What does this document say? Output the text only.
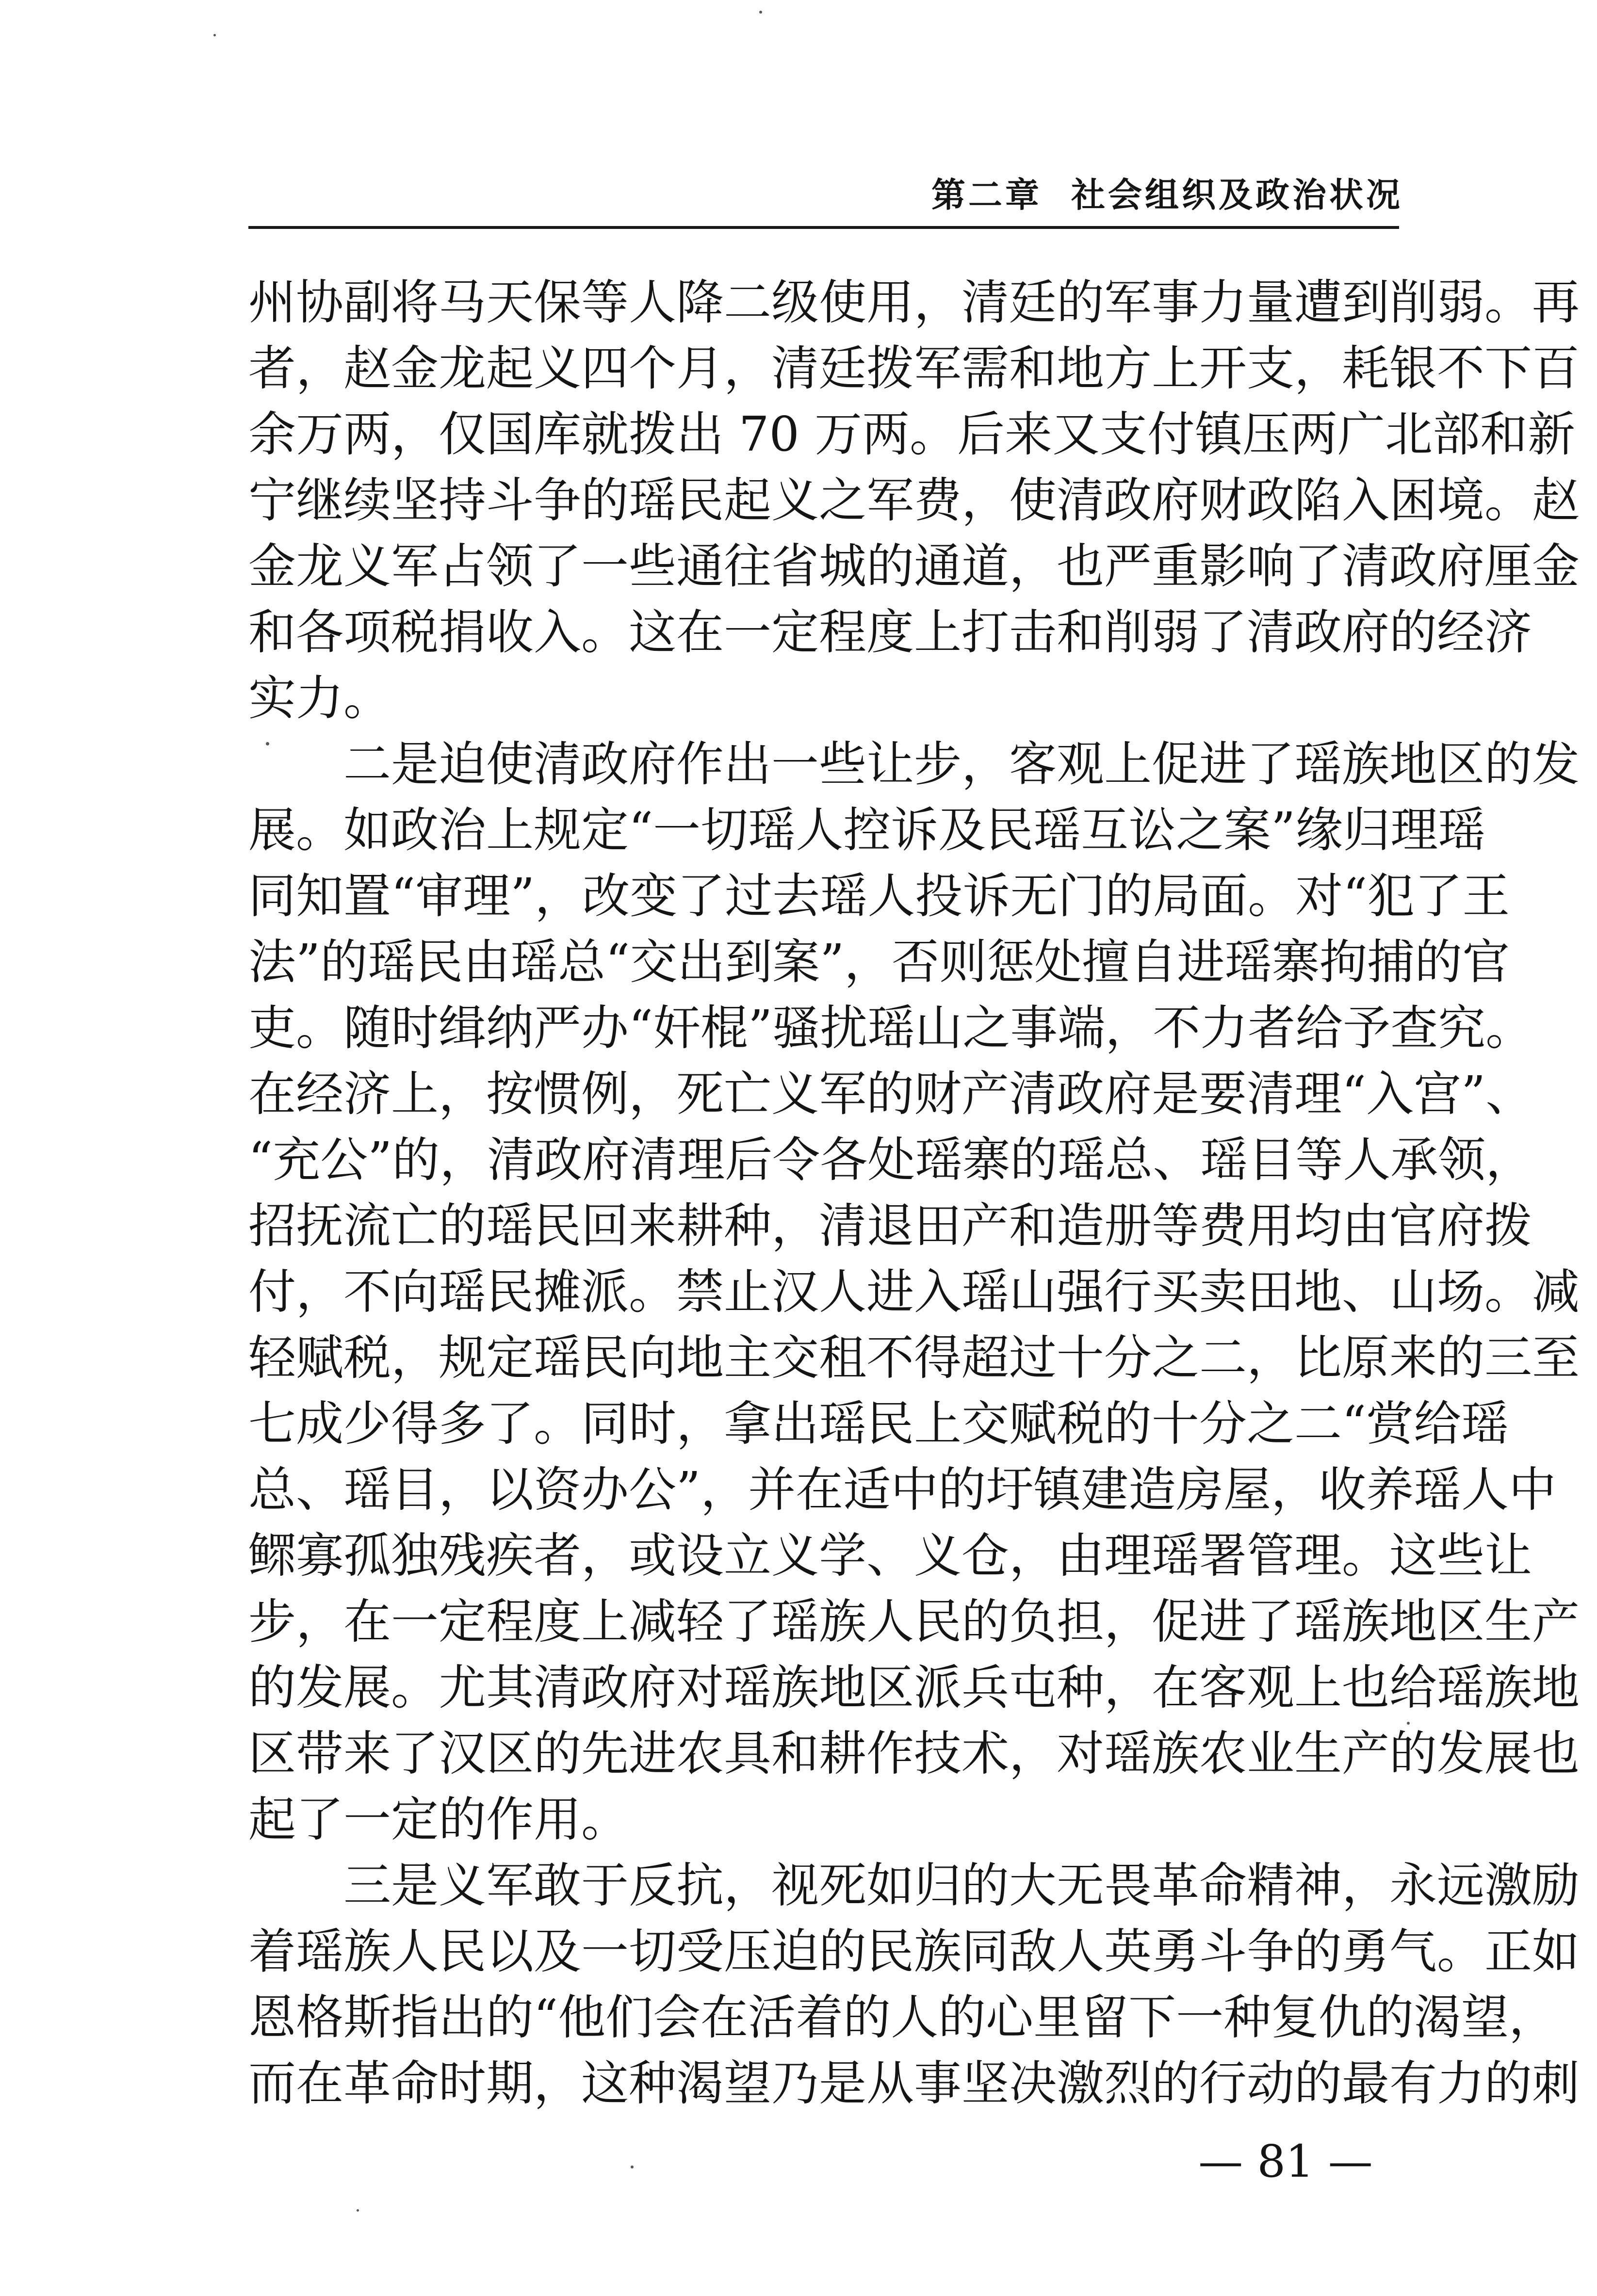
第二章 社会组织及政治状况
州协副将马天保等人降二级使用，清廷的军事力量遭到削弱。再
者，赵金龙起义四个月，清廷拨军需和地方上开支，耗银不下百
余万两，仅国库就拨出 70 万两。后来又支付镇压两广北部和新
宁继续坚持斗争的瑶民起义之军费，使清政府财政陷入困境。赵
金龙义军占领了一些通往省城的通道，也严重影响了清政府厘金
和各项税捐收入。这在一定程度上打击和削弱了清政府的经济
实力。
二是迫使清政府作出一些让步，客观上促进了瑶族地区的发
展。如政治上规定“一切瑶人控诉及民瑶互讼之案”缘归理瑶
同知置“审理”，改变了过去瑶人投诉无门的局面。对“犯了王
法”的瑶民由瑶总“交出到案”，否则惩处擅自进瑶寨拘捕的官
吏。随时缉纳严办“奸棍”骚扰瑶山之事端，不力者给予查究。
在经济上，按惯例，死亡义军的财产清政府是要清理“入宫”、
“充公”的，清政府清理后令各处瑶寨的瑶总、瑶目等人承领，
招抚流亡的瑶民回来耕种，清退田产和造册等费用均由官府拨
付，不向瑶民摊派。禁止汉人进入瑶山强行买卖田地、山场。减
轻赋税，规定瑶民向地主交租不得超过十分之二，比原来的三至
七成少得多了。同时，拿出瑶民上交赋税的十分之二“赏给瑶
总、瑶目，以资办公”，并在适中的圩镇建造房屋，收养瑶人中
鳏寡孤独残疾者，或设立义学、义仓，由理瑶署管理。这些让
步，在一定程度上减轻了瑶族人民的负担，促进了瑶族地区生产
的发展。尤其清政府对瑶族地区派兵屯种，在客观上也给瑶族地
区带来了汉区的先进农具和耕作技术，对瑶族农业生产的发展也
起了一定的作用。
三是义军敢于反抗，视死如归的大无畏革命精神，永远激励
着瑶族人民以及一切受压迫的民族同敌人英勇斗争的勇气。正如
恩格斯指出的“他们会在活着的人的心里留下一种复仇的渴望，
而在革命时期，这种渴望乃是从事坚决激烈的行动的最有力的刺
— 81 —
